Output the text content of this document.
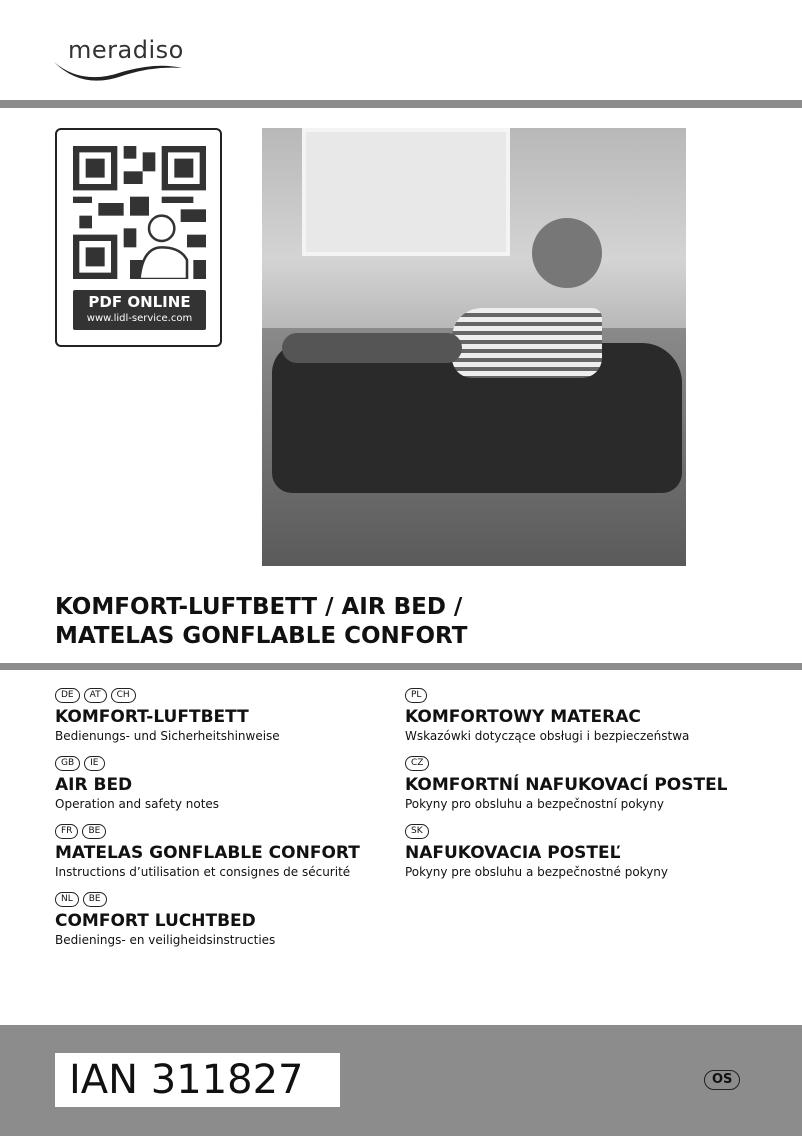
meradiso
PDF ONLINE
www.lidl-service.com
KOMFORT-LUFTBETT / AIR BED /
MATELAS GONFLABLE CONFORT
DE	AT	CH
KOMFORT-LUFTBETT
Bedienungs- und Sicherheitshinweise
GB	IE
AIR BED
Operation and safety notes
FR	BE
MATELAS GONFLABLE CONFORT
Instructions d’utilisation et consignes de sécurité
NL	BE
COMFORT LUCHTBED
Bedienings- en veiligheidsinstructies
PL
KOMFORTOWY MATERAC
Wskazówki dotyczące obsługi i bezpieczeństwa
CZ
KOMFORTNÍ NAFUKOVACÍ POSTEL
Pokyny pro obsluhu a bezpečnostní pokyny
SK
NAFUKOVACIA POSTEĽ
Pokyny pre obsluhu a bezpečnostné pokyny
IAN 311827	OS
